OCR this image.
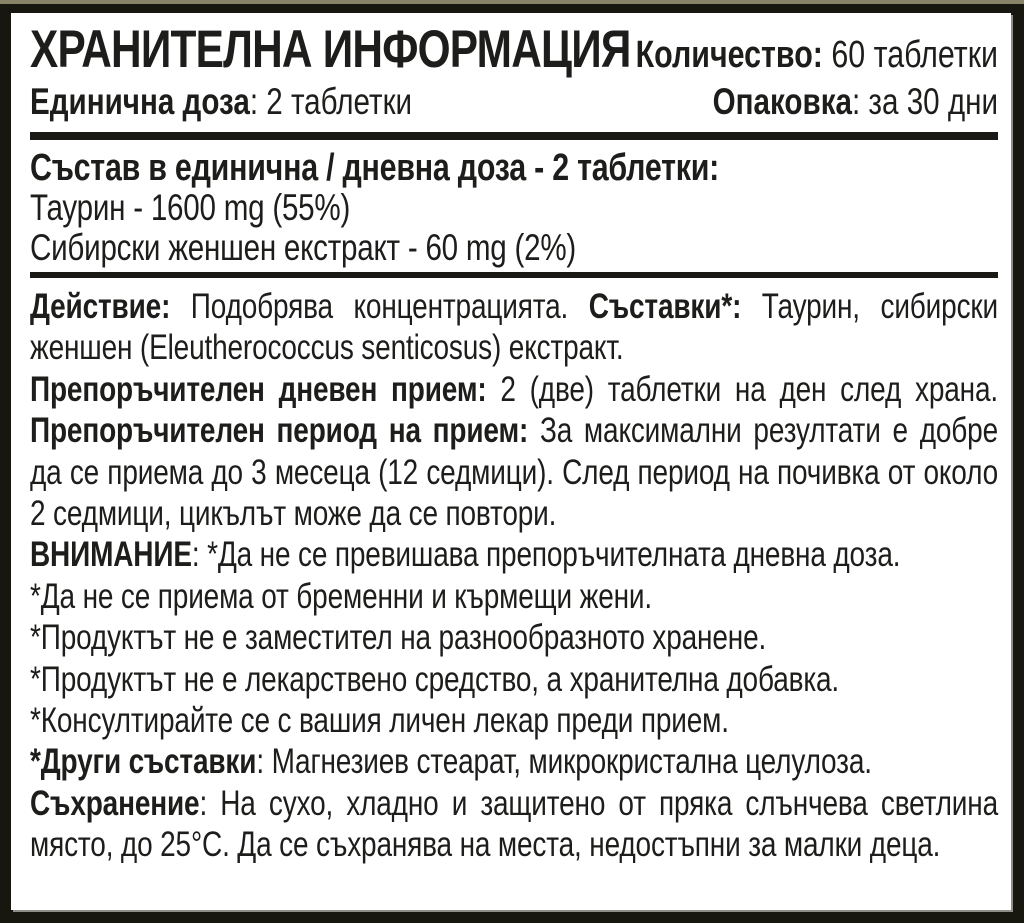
ХРАНИТЕЛНА ИНФОРМАЦИЯ Количество: 60 таблетки
Единична доза: 2 таблетки	Опаковка: за 30 дни
Състав в единична / дневна доза - 2 таблетки:
Таурин - 1600 mg (55%)
Сибирски женшен екстракт - 60 mg (2%)

Действие: Подобрява концентрацията. Съставки*: Таурин, сибирски женшен (Eleutherococcus senticosus) екстракт.

Препоръчителен дневен прием: 2 (две) таблетки на ден след храна. Препоръчителен период на прием: За максимални резултати е добре да се приема до 3 месеца (12 седмици). След период на почивка от около 2 седмици, цикълът може да се повтори.

ВНИМАНИЕ: *Да не се превишава препоръчителната дневна доза.

*Да не се приема от бременни и кърмещи жени.

*Продуктът не е заместител на разнообразното хранене.

*Продуктът не е лекарствено средство, а хранителна добавка.

*Консултирайте се с вашия личен лекар преди прием.

*Други съставки: Магнезиев стеарат, микрокристална целулоза.

Съхранение: На сухо, хладно и защитено от пряка слънчева светлина място, до 25°C. Да се съхранява на места, недостъпни за малки деца.
